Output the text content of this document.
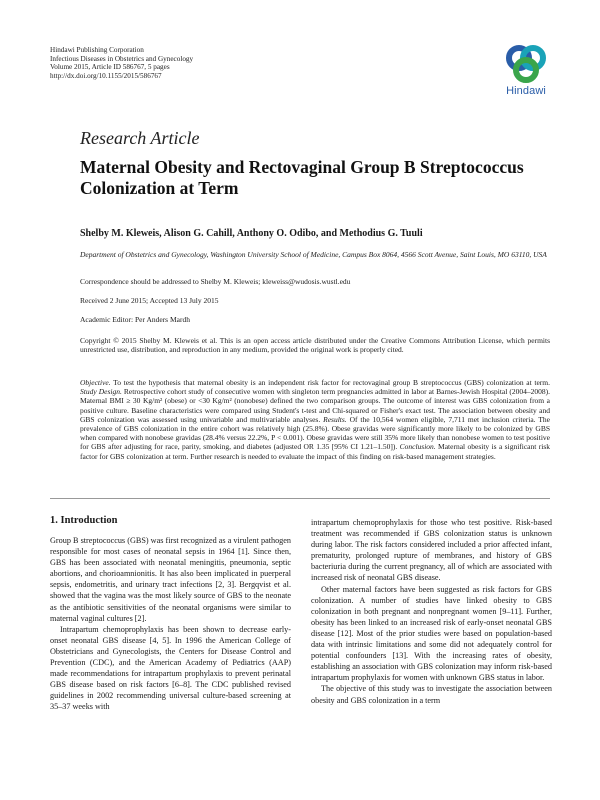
Hindawi Publishing Corporation
Infectious Diseases in Obstetrics and Gynecology
Volume 2015, Article ID 586767, 5 pages
http://dx.doi.org/10.1155/2015/586767
Hindawi
Research Article
Maternal Obesity and Rectovaginal Group B Streptococcus Colonization at Term
Shelby M. Kleweis, Alison G. Cahill, Anthony O. Odibo, and Methodius G. Tuuli
Department of Obstetrics and Gynecology, Washington University School of Medicine, Campus Box 8064, 4566 Scott Avenue, Saint Louis, MO 63110, USA
Correspondence should be addressed to Shelby M. Kleweis; kleweiss@wudosis.wustl.edu
Received 2 June 2015; Accepted 13 July 2015
Academic Editor: Per Anders Mardh
Copyright © 2015 Shelby M. Kleweis et al. This is an open access article distributed under the Creative Commons Attribution License, which permits unrestricted use, distribution, and reproduction in any medium, provided the original work is properly cited.
Objective. To test the hypothesis that maternal obesity is an independent risk factor for rectovaginal group B streptococcus (GBS) colonization at term. Study Design. Retrospective cohort study of consecutive women with singleton term pregnancies admitted in labor at Barnes-Jewish Hospital (2004–2008). Maternal BMI ≥ 30 Kg/m² (obese) or <30 Kg/m² (nonobese) defined the two comparison groups. The outcome of interest was GBS colonization from a positive culture. Baseline characteristics were compared using Student's t-test and Chi-squared or Fisher's exact test. The association between obesity and GBS colonization was assessed using univariable and multivariable analyses. Results. Of the 10,564 women eligible, 7,711 met inclusion criteria. The prevalence of GBS colonization in the entire cohort was relatively high (25.8%). Obese gravidas were significantly more likely to be colonized by GBS when compared with nonobese gravidas (28.4% versus 22.2%, P < 0.001). Obese gravidas were still 35% more likely than nonobese women to test positive for GBS after adjusting for race, parity, smoking, and diabetes (adjusted OR 1.35 [95% CI 1.21–1.50]). Conclusion. Maternal obesity is a significant risk factor for GBS colonization at term. Further research is needed to evaluate the impact of this finding on risk-based management strategies.
1. Introduction

Group B streptococcus (GBS) was first recognized as a virulent pathogen responsible for most cases of neonatal sepsis in 1964 [1]. Since then, GBS has been associated with neonatal meningitis, pneumonia, septic abortions, and chorioamnionitis. It has also been implicated in puerperal sepsis, endometritis, and urinary tract infections [2, 3]. Bergqvist et al. showed that the vagina was the most likely source of GBS to the neonate as the antibiotic sensitivities of the neonatal organisms were similar to maternal vaginal cultures [2].

Intrapartum chemoprophylaxis has been shown to decrease early-onset neonatal GBS disease [4, 5]. In 1996 the American College of Obstetricians and Gynecologists, the Centers for Disease Control and Prevention (CDC), and the American Academy of Pediatrics (AAP) made recommendations for intrapartum prophylaxis to prevent perinatal GBS disease based on risk factors [6–8]. The CDC published revised guidelines in 2002 recommending universal culture-based screening at 35–37 weeks with

intrapartum chemoprophylaxis for those who test positive. Risk-based treatment was recommended if GBS colonization status is unknown during labor. The risk factors considered included a prior affected infant, prematurity, prolonged rupture of membranes, and history of GBS bacteriuria during the current pregnancy, all of which are associated with increased risk of neonatal GBS disease.

Other maternal factors have been suggested as risk factors for GBS colonization. A number of studies have linked obesity to GBS colonization in both pregnant and nonpregnant women [9–11]. Further, obesity has been linked to an increased risk of early-onset neonatal GBS disease [12]. Most of the prior studies were based on population-based data with intrinsic limitations and some did not adequately control for potential confounders [13]. With the increasing rates of obesity, establishing an association with GBS colonization may inform risk-based intrapartum prophylaxis for women with unknown GBS status in labor.

The objective of this study was to investigate the association between obesity and GBS colonization in a term
